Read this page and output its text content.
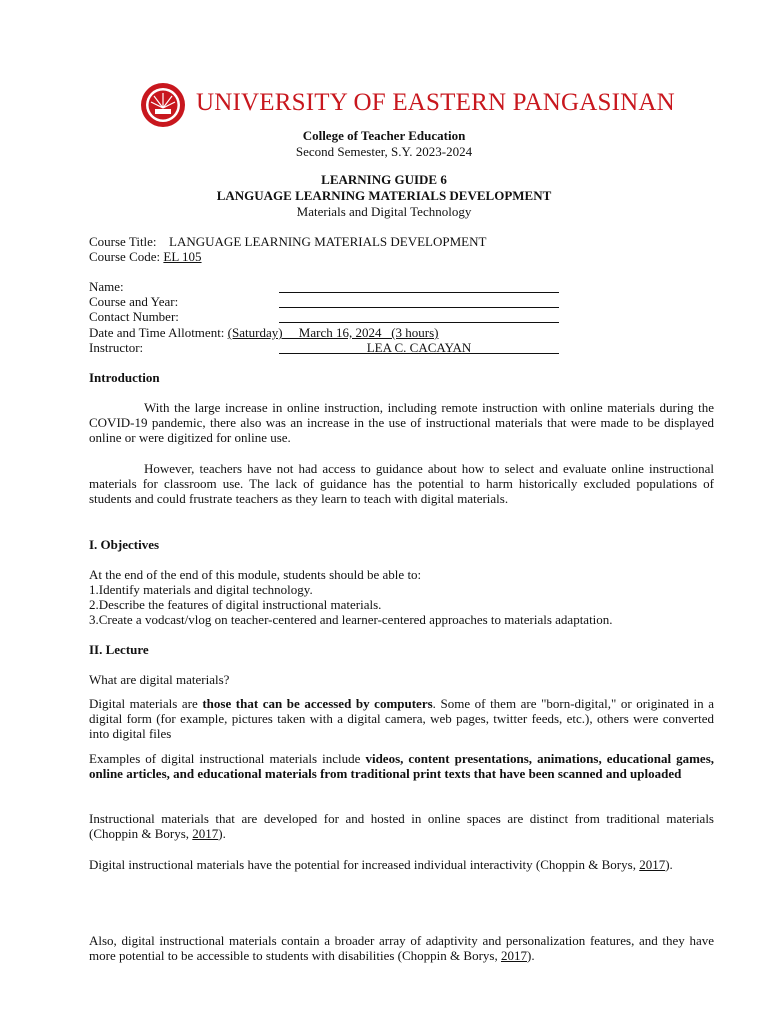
UNIVERSITY OF EASTERN PANGASINAN
College of Teacher Education
Second Semester, S.Y. 2023-2024
LEARNING GUIDE 6
LANGUAGE LEARNING MATERIALS DEVELOPMENT
Materials and Digital Technology
Course Title: LANGUAGE LEARNING MATERIALS DEVELOPMENT
Course Code: EL 105
Name:
Course and Year:
Contact Number:
Date and Time Allotment: (Saturday)     March 16, 2024   (3 hours)
Instructor:	LEA C. CACAYAN
Introduction
With the large increase in online instruction, including remote instruction with online materials during the COVID-19 pandemic, there also was an increase in the use of instructional materials that were made to be displayed online or were digitized for online use.
However, teachers have not had access to guidance about how to select and evaluate online instructional materials for classroom use. The lack of guidance has the potential to harm historically excluded populations of students and could frustrate teachers as they learn to teach with digital materials.
I. Objectives
At the end of the end of this module, students should be able to:
1.Identify materials and digital technology.
2.Describe the features of digital instructional materials.
3.Create a vodcast/vlog on teacher-centered and learner-centered approaches to materials adaptation.
II. Lecture
What are digital materials?
Digital materials are those that can be accessed by computers. Some of them are "born-digital," or originated in a digital form (for example, pictures taken with a digital camera, web pages, twitter feeds, etc.), others were converted into digital files
Examples of digital instructional materials include videos, content presentations, animations, educational games, online articles, and educational materials from traditional print texts that have been scanned and uploaded
Instructional materials that are developed for and hosted in online spaces are distinct from traditional materials (Choppin & Borys, 2017).
Digital instructional materials have the potential for increased individual interactivity (Choppin & Borys, 2017).
Also, digital instructional materials contain a broader array of adaptivity and personalization features, and they have more potential to be accessible to students with disabilities (Choppin & Borys, 2017).
